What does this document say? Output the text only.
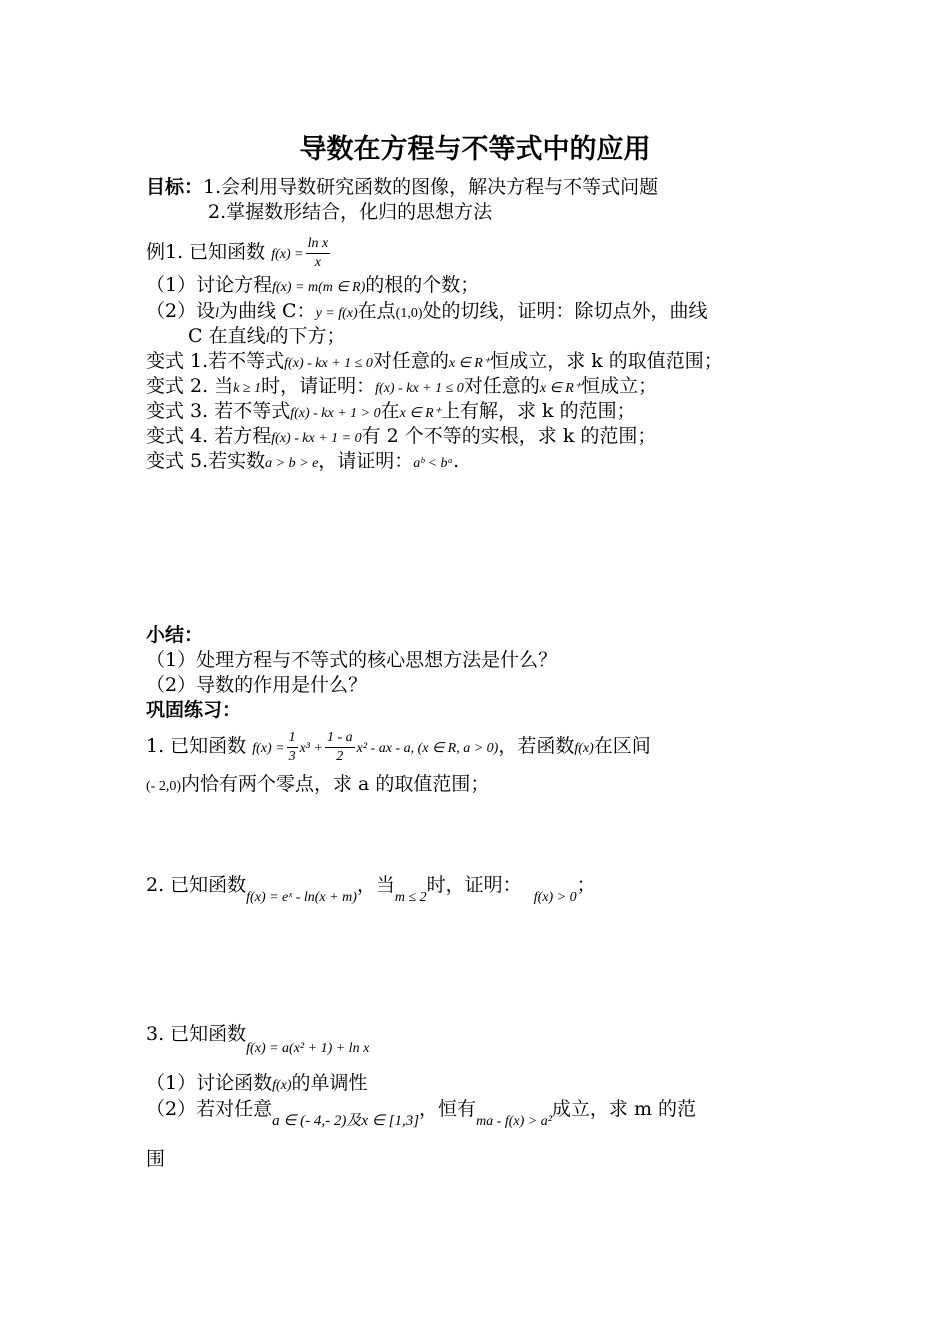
导数在方程与不等式中的应用
目标：1.会利用导数研究函数的图像，解决方程与不等式问题
2.掌握数形结合，化归的思想方法
例1. 已知函数 $f(x) = \frac{\text{ln x}}{x}$
（1）讨论方程f(x) = m(m ∈ R)的根的个数；
（2）设l为曲线 C：y = f(x)在点(1,0)处的切线，证明：除切点外，曲线
C 在直线l的下方；
变式 1.若不等式f(x) - kx + 1 ≤ 0对任意的x ∈ R⁺恒成立，求 k 的取值范围；
变式 2. 当k ≥ 1时，请证明：f(x) - kx + 1 ≤ 0对任意的x ∈ R⁺恒成立；
变式 3. 若不等式f(x) - kx + 1 > 0在x ∈ R⁺上有解，求 k 的范围；
变式 4. 若方程f(x) - kx + 1 = 0有 2 个不等的实根，求 k 的范围；
变式 5.若实数a > b > e，请证明：aᵇ < bᵃ.
小结：
（1）处理方程与不等式的核心思想方法是什么？
（2）导数的作用是什么？
巩固练习：
1. 已知函数 $f(x) = \frac{1}{3} x^3 + \frac{1 - a}{2} x^2$ - ax - a, (x ∈ R, a > 0)，若函数f(x)在区间
(- 2,0)内恰有两个零点，求 a 的取值范围；
2. 已知函数$_{f(x) = eˣ - ln(x + m)}$，当$_{m \le 2}$时，证明：$_{f(x) > 0}$；
3. 已知函数$_{f(x) = a(x^2 + 1) + ln x}$
（1）讨论函数f(x)的单调性
（2）若对任意$_{a \in (- 4,- 2)及x \in [1,3]}$，恒有$_{ma - f(x) > a^2}$成立，求 m 的范
围
